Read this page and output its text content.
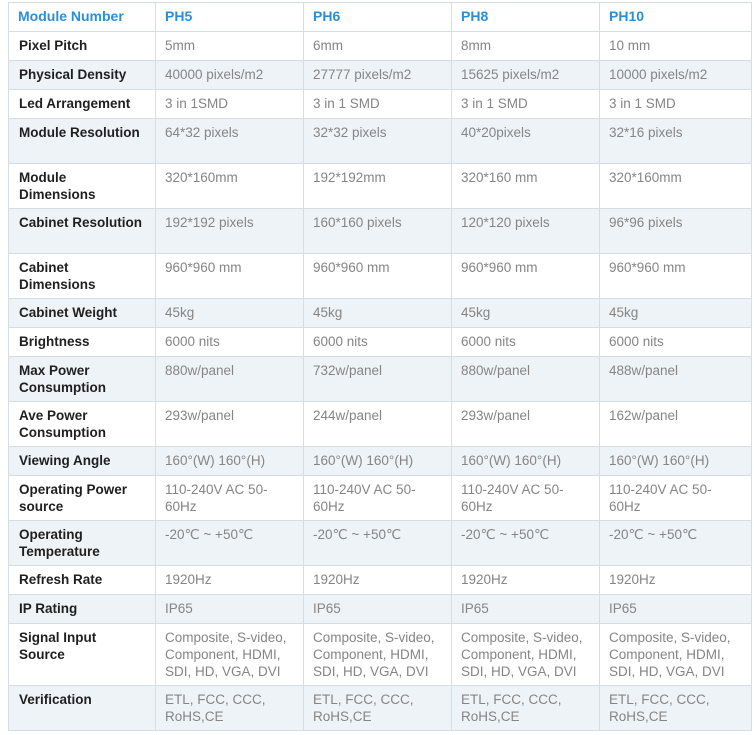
Module Number	PH5	PH6	PH8	PH10
Pixel Pitch	5mm	6mm	8mm	10 mm
Physical Density	40000 pixels/m2	27777 pixels/m2	15625 pixels/m2	10000 pixels/m2
Led Arrangement	3 in 1SMD	3 in 1 SMD	3 in 1 SMD	3 in 1 SMD
Module Resolution	64*32 pixels	32*32 pixels	40*20pixels	32*16 pixels
Module Dimensions	320*160mm	192*192mm	320*160 mm	320*160mm
Cabinet Resolution	192*192 pixels	160*160 pixels	120*120 pixels	96*96 pixels
Cabinet Dimensions	960*960 mm	960*960 mm	960*960 mm	960*960 mm
Cabinet Weight	45kg	45kg	45kg	45kg
Brightness	6000 nits	6000 nits	6000 nits	6000 nits
Max Power Consumption	880w/panel	732w/panel	880w/panel	488w/panel
Ave Power Consumption	293w/panel	244w/panel	293w/panel	162w/panel
Viewing Angle	160°(W) 160°(H)	160°(W) 160°(H)	160°(W) 160°(H)	160°(W) 160°(H)
Operating Power source	110-240V AC 50-60Hz	110-240V AC 50-60Hz	110-240V AC 50-60Hz	110-240V AC 50-60Hz
Operating Temperature	-20℃ ~ +50℃	-20℃ ~ +50℃	-20℃ ~ +50℃	-20℃ ~ +50℃
Refresh Rate	1920Hz	1920Hz	1920Hz	1920Hz
IP Rating	IP65	IP65	IP65	IP65
Signal Input Source	Composite, S-video, Component, HDMI, SDI, HD, VGA, DVI	Composite, S-video, Component, HDMI, SDI, HD, VGA, DVI	Composite, S-video, Component, HDMI, SDI, HD, VGA, DVI	Composite, S-video, Component, HDMI, SDI, HD, VGA, DVI
Verification	ETL, FCC, CCC, RoHS,CE	ETL, FCC, CCC, RoHS,CE	ETL, FCC, CCC, RoHS,CE	ETL, FCC, CCC, RoHS,CE
